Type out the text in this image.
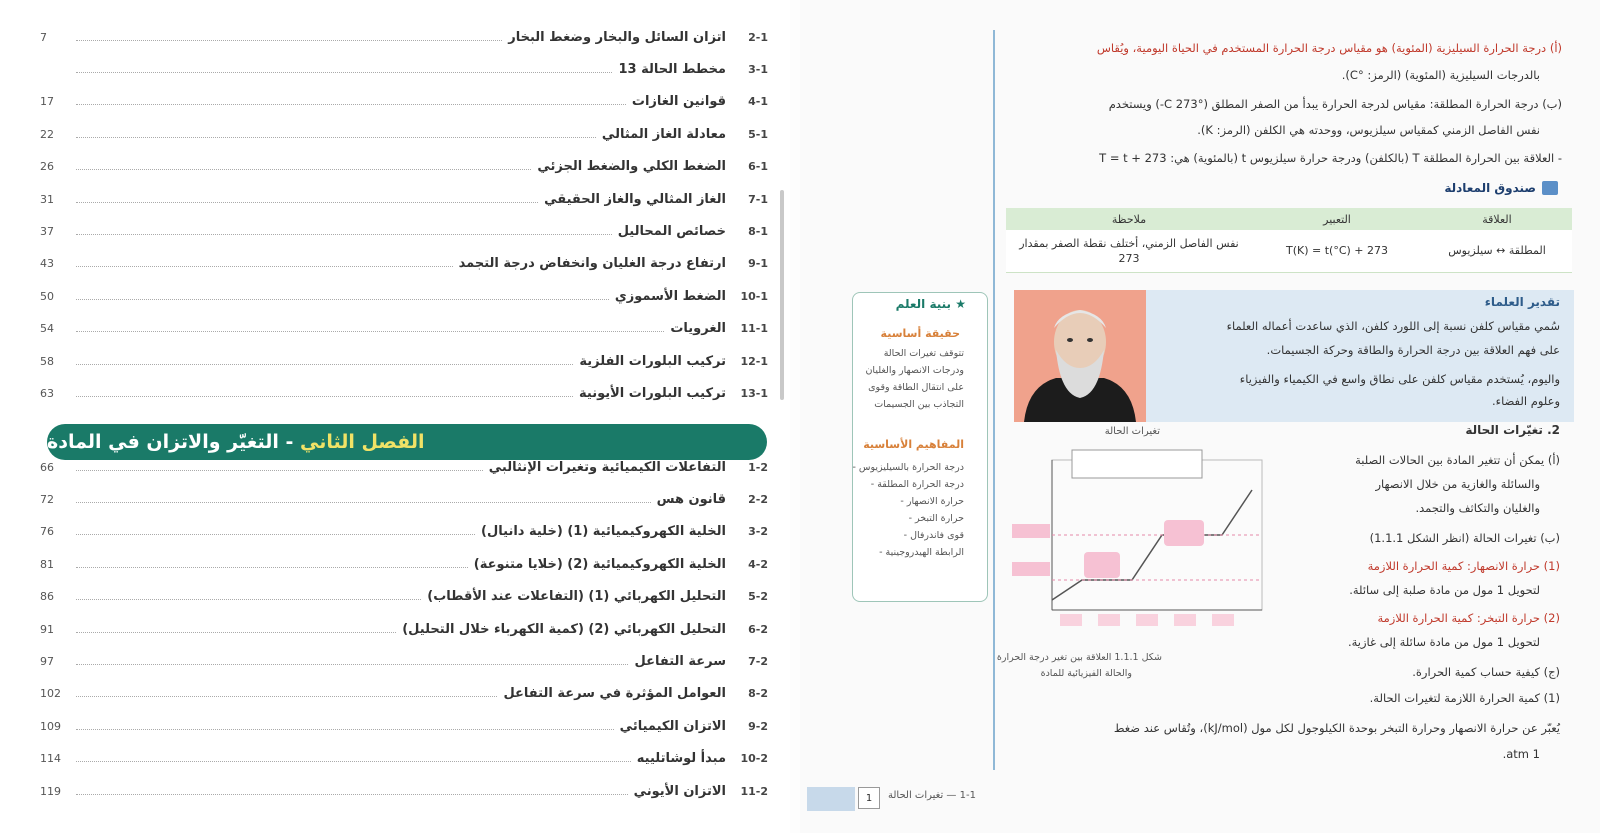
7	اتزان السائل والبخار وضغط البخار	2-1
مخطط الحالة 13	3-1
17	قوانين الغازات	4-1
22	معادلة الغاز المثالي	5-1
26	الضغط الكلي والضغط الجزئي	6-1
31	الغاز المثالي والغاز الحقيقي	7-1
37	خصائص المحاليل	8-1
43	ارتفاع درجة الغليان وانخفاض درجة التجمد	9-1
50	الضغط الأسموزي	10-1
54	الغرويات	11-1
58	تركيب البلورات الفلزية	12-1
63	تركيب البلورات الأيونية	13-1
الفصل الثاني - التغيّر والاتزان في المادة
66	التفاعلات الكيميائية وتغيرات الإنثالبي	1-2
72	قانون هس	2-2
76	الخلية الكهروكيميائية (1) (خلية دانيال)	3-2
81	الخلية الكهروكيميائية (2) (خلايا متنوعة)	4-2
86	التحليل الكهربائي (1) (التفاعلات عند الأقطاب)	5-2
91	التحليل الكهربائي (2) (كمية الكهرباء خلال التحليل)	6-2
97	سرعة التفاعل	7-2
102	العوامل المؤثرة في سرعة التفاعل	8-2
109	الاتزان الكيميائي	9-2
114	مبدأ لوشاتلييه	10-2
119	الاتزان الأيوني	11-2
(أ) درجة الحرارة السيليزية (المئوية) هو مقياس درجة الحرارة المستخدم في الحياة اليومية، ويُقاس
بالدرجات السيليزية (المئوية) (الرمز: °C).
(ب) درجة الحرارة المطلقة: مقياس لدرجة الحرارة يبدأ من الصفر المطلق (°C 273-) ويستخدم
نفس الفاصل الزمني كمقياس سيلزيوس، ووحدته هي الكلفن (الرمز: K).
- العلاقة بين الحرارة المطلقة T (بالكلفن) ودرجة حرارة سيلزيوس t (بالمئوية) هي: T = t + 273
صندوق المعادلة
العلاقة	التعبير	ملاحظة
المطلقة ↔ سيلزيوس	T(K) = t(°C) + 273	نفس الفاصل الزمني، أختلف نقطة الصفر بمقدار 273
تقدير العلماء
سُمي مقياس كلفن نسبة إلى اللورد كلفن، الذي ساعدت أعماله العلماء
على فهم العلاقة بين درجة الحرارة والطاقة وحركة الجسيمات.
واليوم، يُستخدم مقياس كلفن على نطاق واسع في الكيمياء والفيزياء
وعلوم الفضاء.
★ بنية العلم
حقيقة أساسية
تتوقف تغيرات الحالة
ودرجات الانصهار والغليان
على انتقال الطاقة وقوى
التجاذب بين الجسيمات
المفاهيم الأساسية
درجة الحرارة بالسيليزيوس -
درجة الحرارة المطلقة -
حرارة الانصهار -
حرارة التبخر -
قوى فاندرفال -
الرابطة الهيدروجينية -
2. تغيّرات الحالة
(أ) يمكن أن تتغير المادة بين الحالات الصلبة
والسائلة والغازية من خلال الانصهار
والغليان والتكاثف والتجمد.
(ب) تغيرات الحالة (انظر الشكل 1.1.1)
(1) حرارة الانصهار: كمية الحرارة اللازمة
لتحويل 1 مول من مادة صلبة إلى سائلة.
(2) حرارة التبخر: كمية الحرارة اللازمة
لتحويل 1 مول من مادة سائلة إلى غازية.
(ج) كيفية حساب كمية الحرارة.
(1) كمية الحرارة اللازمة لتغيرات الحالة.
يُعبّر عن حرارة الانصهار وحرارة التبخر بوحدة الكيلوجول لكل مول (kJ/mol)، وتُقاس عند ضغط
1 atm.
تغيرات الحالة
شكل 1.1.1 العلاقة بين تغير درجة الحرارة
والحالة الفيزيائية للمادة
1	1-1 — تغيرات الحالة
